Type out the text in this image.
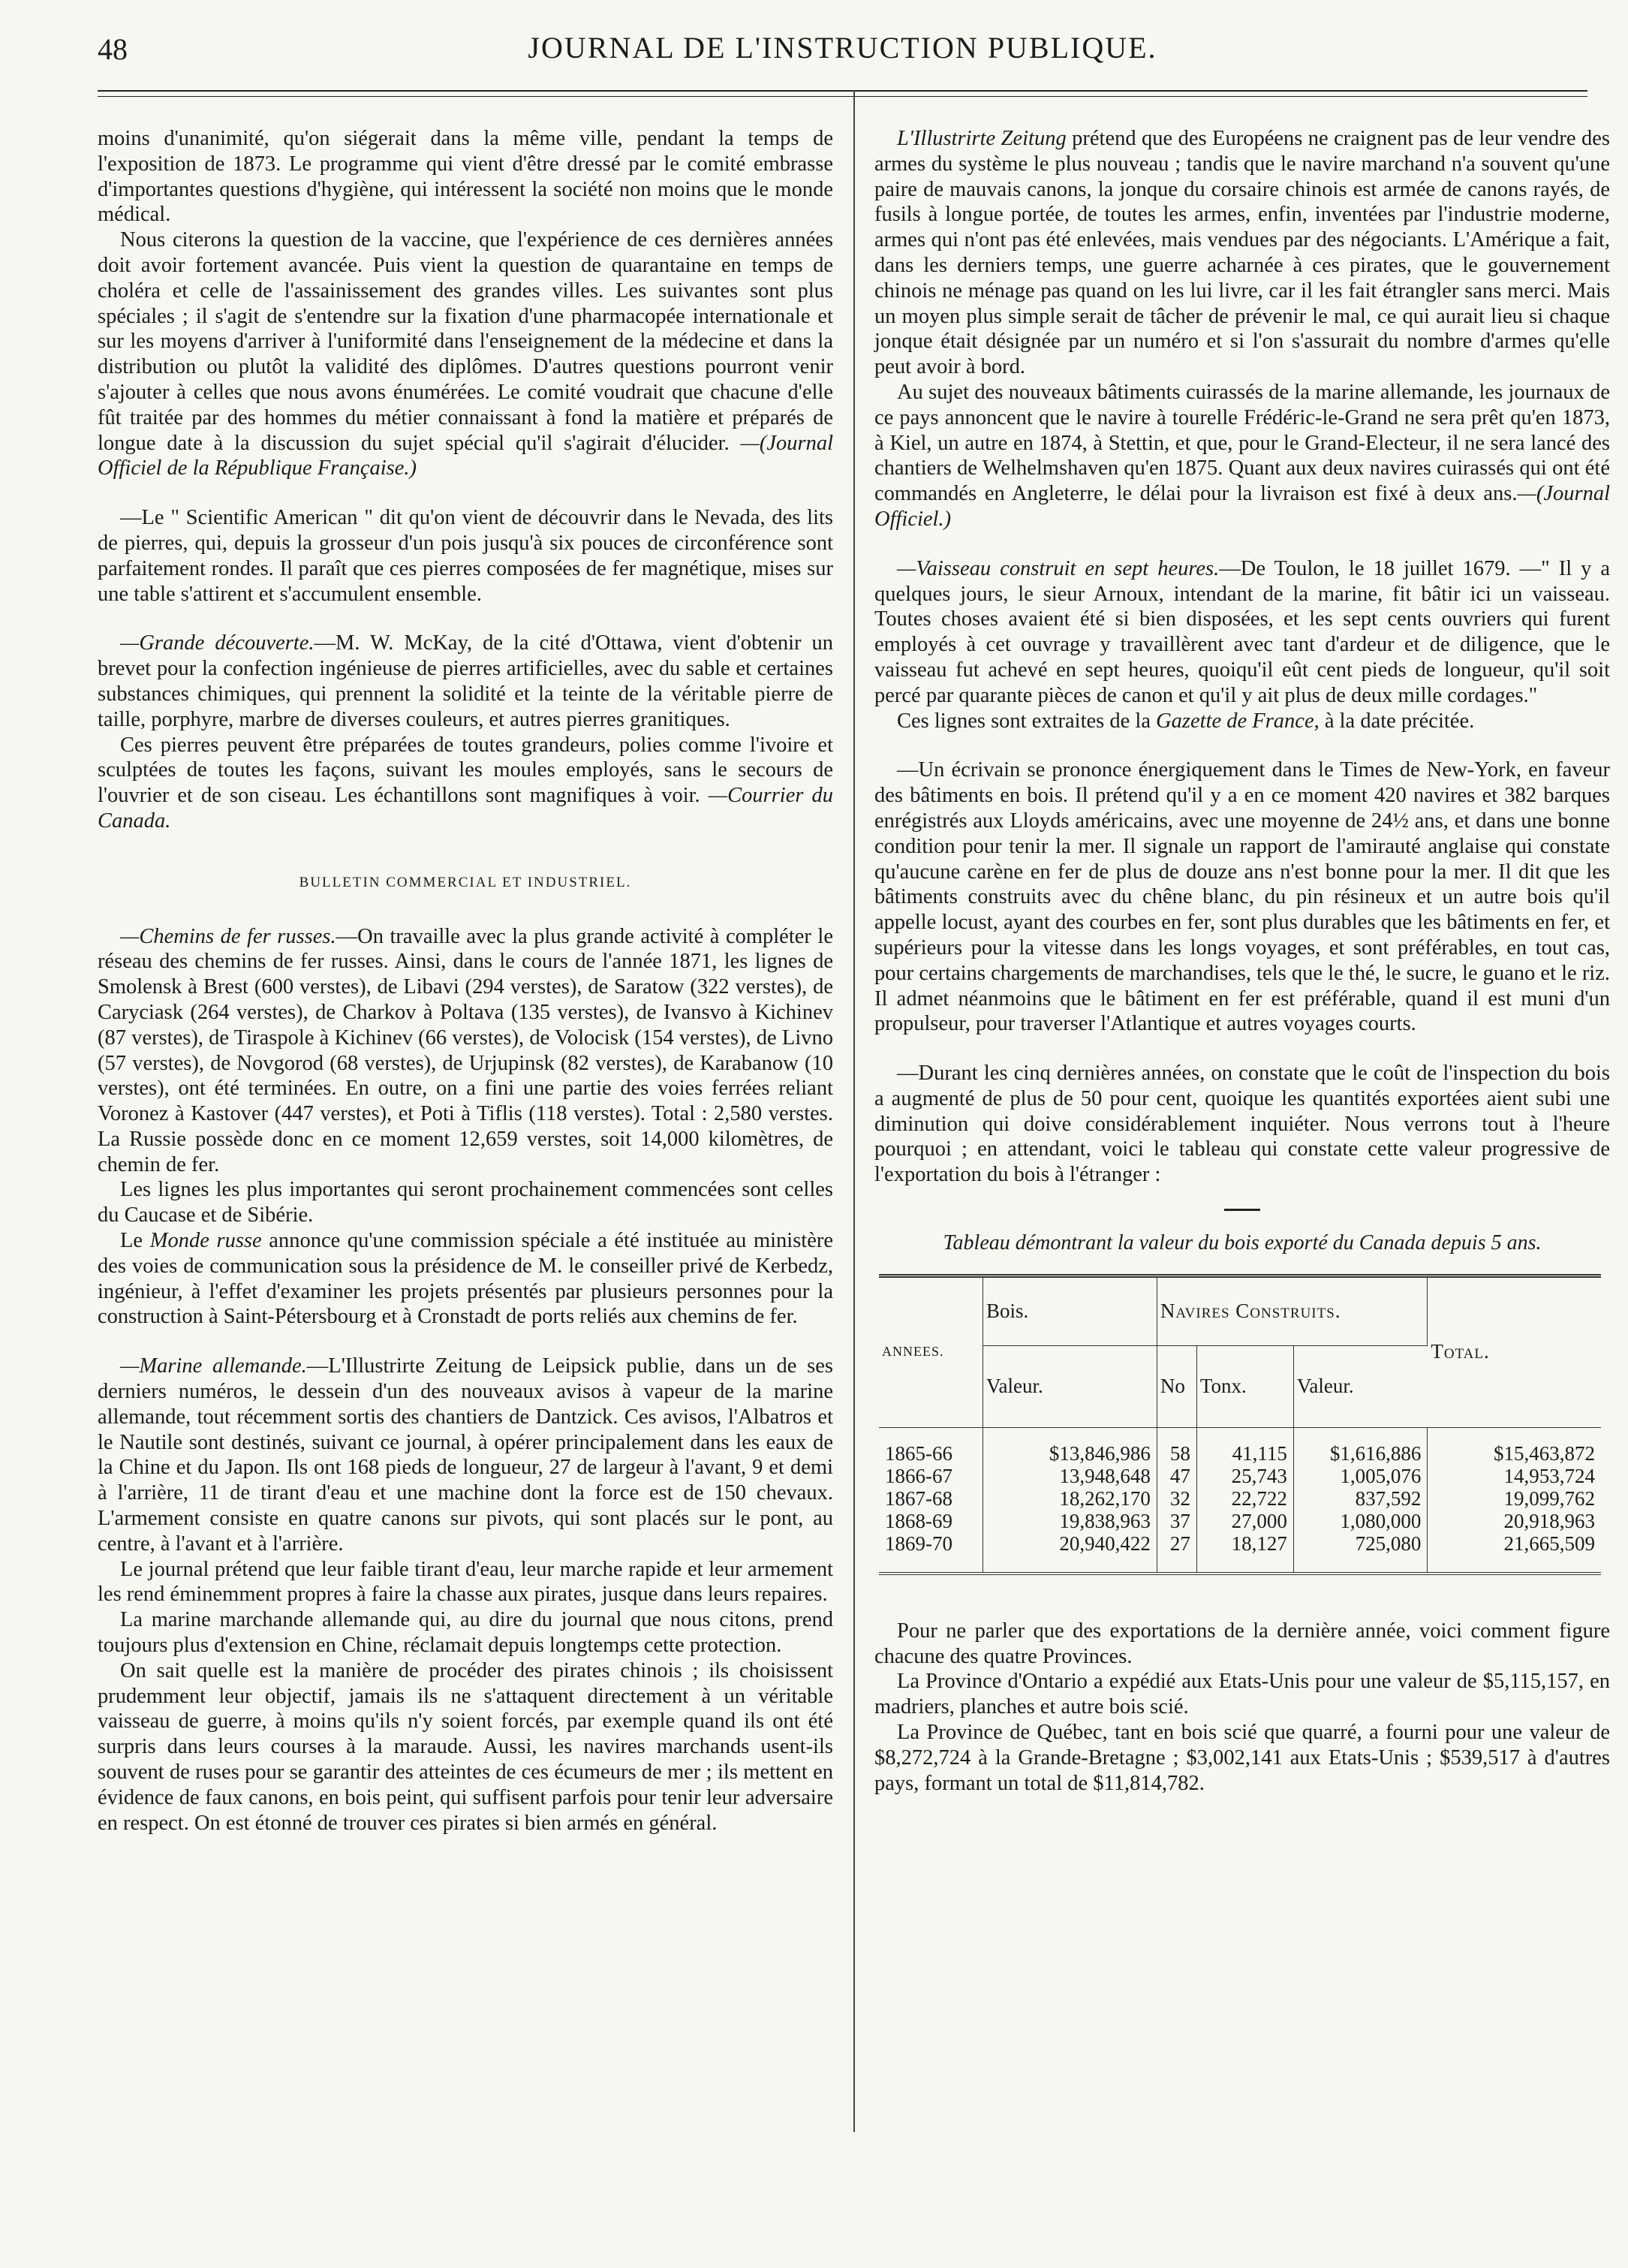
48	JOURNAL DE L'INSTRUCTION PUBLIQUE.

moins d'unanimité, qu'on siégerait dans la même ville, pendant la temps de l'exposition de 1873. Le programme qui vient d'être dressé par le comité embrasse d'importantes questions d'hygiène, qui intéressent la société non moins que le monde médical.

Nous citerons la question de la vaccine, que l'expérience de ces dernières années doit avoir fortement avancée. Puis vient la question de quarantaine en temps de choléra et celle de l'assainissement des grandes villes. Les suivantes sont plus spéciales ; il s'agit de s'entendre sur la fixation d'une pharmacopée internationale et sur les moyens d'arriver à l'uniformité dans l'enseignement de la médecine et dans la distribution ou plutôt la validité des diplômes. D'autres questions pourront venir s'ajouter à celles que nous avons énumérées. Le comité voudrait que chacune d'elle fût traitée par des hommes du métier connaissant à fond la matière et préparés de longue date à la discussion du sujet spécial qu'il s'agirait d'élucider. —(Journal Officiel de la République Française.)

—Le " Scientific American " dit qu'on vient de découvrir dans le Nevada, des lits de pierres, qui, depuis la grosseur d'un pois jusqu'à six pouces de circonférence sont parfaitement rondes. Il paraît que ces pierres composées de fer magnétique, mises sur une table s'attirent et s'accumulent ensemble.

—Grande découverte.—M. W. McKay, de la cité d'Ottawa, vient d'obtenir un brevet pour la confection ingénieuse de pierres artificielles, avec du sable et certaines substances chimiques, qui prennent la solidité et la teinte de la véritable pierre de taille, porphyre, marbre de diverses couleurs, et autres pierres granitiques.

Ces pierres peuvent être préparées de toutes grandeurs, polies comme l'ivoire et sculptées de toutes les façons, suivant les moules employés, sans le secours de l'ouvrier et de son ciseau. Les échantillons sont magnifiques à voir. —Courrier du Canada.

BULLETIN COMMERCIAL ET INDUSTRIEL.

—Chemins de fer russes.—On travaille avec la plus grande activité à compléter le réseau des chemins de fer russes. Ainsi, dans le cours de l'année 1871, les lignes de Smolensk à Brest (600 verstes), de Libavi (294 verstes), de Saratow (322 verstes), de Caryciask (264 verstes), de Charkov à Poltava (135 verstes), de Ivansvo à Kichinev (87 verstes), de Tiraspole à Kichinev (66 verstes), de Volocisk (154 verstes), de Livno (57 verstes), de Novgorod (68 verstes), de Urjupinsk (82 verstes), de Karabanow (10 verstes), ont été terminées. En outre, on a fini une partie des voies ferrées reliant Voronez à Kastover (447 verstes), et Poti à Tiflis (118 verstes). Total : 2,580 verstes. La Russie possède donc en ce moment 12,659 verstes, soit 14,000 kilomètres, de chemin de fer.

Les lignes les plus importantes qui seront prochainement commencées sont celles du Caucase et de Sibérie.

Le Monde russe annonce qu'une commission spéciale a été instituée au ministère des voies de communication sous la présidence de M. le conseiller privé de Kerbedz, ingénieur, à l'effet d'examiner les projets présentés par plusieurs personnes pour la construction à Saint-Pétersbourg et à Cronstadt de ports reliés aux chemins de fer.

—Marine allemande.—L'Illustrirte Zeitung de Leipsick publie, dans un de ses derniers numéros, le dessein d'un des nouveaux avisos à vapeur de la marine allemande, tout récemment sortis des chantiers de Dantzick. Ces avisos, l'Albatros et le Nautile sont destinés, suivant ce journal, à opérer principalement dans les eaux de la Chine et du Japon. Ils ont 168 pieds de longueur, 27 de largeur à l'avant, 9 et demi à l'arrière, 11 de tirant d'eau et une machine dont la force est de 150 chevaux. L'armement consiste en quatre canons sur pivots, qui sont placés sur le pont, au centre, à l'avant et à l'arrière.

Le journal prétend que leur faible tirant d'eau, leur marche rapide et leur armement les rend éminemment propres à faire la chasse aux pirates, jusque dans leurs repaires.

La marine marchande allemande qui, au dire du journal que nous citons, prend toujours plus d'extension en Chine, réclamait depuis longtemps cette protection.

On sait quelle est la manière de procéder des pirates chinois ; ils choisissent prudemment leur objectif, jamais ils ne s'attaquent directement à un véritable vaisseau de guerre, à moins qu'ils n'y soient forcés, par exemple quand ils ont été surpris dans leurs courses à la maraude. Aussi, les navires marchands usent-ils souvent de ruses pour se garantir des atteintes de ces écumeurs de mer ; ils mettent en évidence de faux canons, en bois peint, qui suffisent parfois pour tenir leur adversaire en respect. On est étonné de trouver ces pirates si bien armés en général.

L'Illustrirte Zeitung prétend que des Européens ne craignent pas de leur vendre des armes du système le plus nouveau ; tandis que le navire marchand n'a souvent qu'une paire de mauvais canons, la jonque du corsaire chinois est armée de canons rayés, de fusils à longue portée, de toutes les armes, enfin, inventées par l'industrie moderne, armes qui n'ont pas été enlevées, mais vendues par des négociants. L'Amérique a fait, dans les derniers temps, une guerre acharnée à ces pirates, que le gouvernement chinois ne ménage pas quand on les lui livre, car il les fait étrangler sans merci. Mais un moyen plus simple serait de tâcher de prévenir le mal, ce qui aurait lieu si chaque jonque était désignée par un numéro et si l'on s'assurait du nombre d'armes qu'elle peut avoir à bord.

Au sujet des nouveaux bâtiments cuirassés de la marine allemande, les journaux de ce pays annoncent que le navire à tourelle Frédéric-le-Grand ne sera prêt qu'en 1873, à Kiel, un autre en 1874, à Stettin, et que, pour le Grand-Electeur, il ne sera lancé des chantiers de Welhelmshaven qu'en 1875. Quant aux deux navires cuirassés qui ont été commandés en Angleterre, le délai pour la livraison est fixé à deux ans.—(Journal Officiel.)

—Vaisseau construit en sept heures.—De Toulon, le 18 juillet 1679. —" Il y a quelques jours, le sieur Arnoux, intendant de la marine, fit bâtir ici un vaisseau. Toutes choses avaient été si bien disposées, et les sept cents ouvriers qui furent employés à cet ouvrage y travaillèrent avec tant d'ardeur et de diligence, que le vaisseau fut achevé en sept heures, quoiqu'il eût cent pieds de longueur, qu'il soit percé par quarante pièces de canon et qu'il y ait plus de deux mille cordages."

Ces lignes sont extraites de la Gazette de France, à la date précitée.

—Un écrivain se prononce énergiquement dans le Times de New-York, en faveur des bâtiments en bois. Il prétend qu'il y a en ce moment 420 navires et 382 barques enrégistrés aux Lloyds américains, avec une moyenne de 24½ ans, et dans une bonne condition pour tenir la mer. Il signale un rapport de l'amirauté anglaise qui constate qu'aucune carène en fer de plus de douze ans n'est bonne pour la mer. Il dit que les bâtiments construits avec du chêne blanc, du pin résineux et un autre bois qu'il appelle locust, ayant des courbes en fer, sont plus durables que les bâtiments en fer, et supérieurs pour la vitesse dans les longs voyages, et sont préférables, en tout cas, pour certains chargements de marchandises, tels que le thé, le sucre, le guano et le riz. Il admet néanmoins que le bâtiment en fer est préférable, quand il est muni d'un propulseur, pour traverser l'Atlantique et autres voyages courts.

—Durant les cinq dernières années, on constate que le coût de l'inspection du bois a augmenté de plus de 50 pour cent, quoique les quantités exportées aient subi une diminution qui doive considérablement inquiéter. Nous verrons tout à l'heure pourquoi ; en attendant, voici le tableau qui constate cette valeur progressive de l'exportation du bois à l'étranger :

Tableau démontrant la valeur du bois exporté du Canada depuis 5 ans.
ANNEES.	Bois.	Navires Construits.			Total.
	Valeur.	No	Tonx.	Valeur.	
1865-66	$13,846,986	58	41,115	$1,616,886	$15,463,872
1866-67	13,948,648	47	25,743	1,005,076	14,953,724
1867-68	18,262,170	32	22,722	837,592	19,099,762
1868-69	19,838,963	37	27,000	1,080,000	20,918,963
1869-70	20,940,422	27	18,127	725,080	21,665,509

Pour ne parler que des exportations de la dernière année, voici comment figure chacune des quatre Provinces.

La Province d'Ontario a expédié aux Etats-Unis pour une valeur de $5,115,157, en madriers, planches et autre bois scié.

La Province de Québec, tant en bois scié que quarré, a fourni pour une valeur de $8,272,724 à la Grande-Bretagne ; $3,002,141 aux Etats-Unis ; $539,517 à d'autres pays, formant un total de $11,814,782.
